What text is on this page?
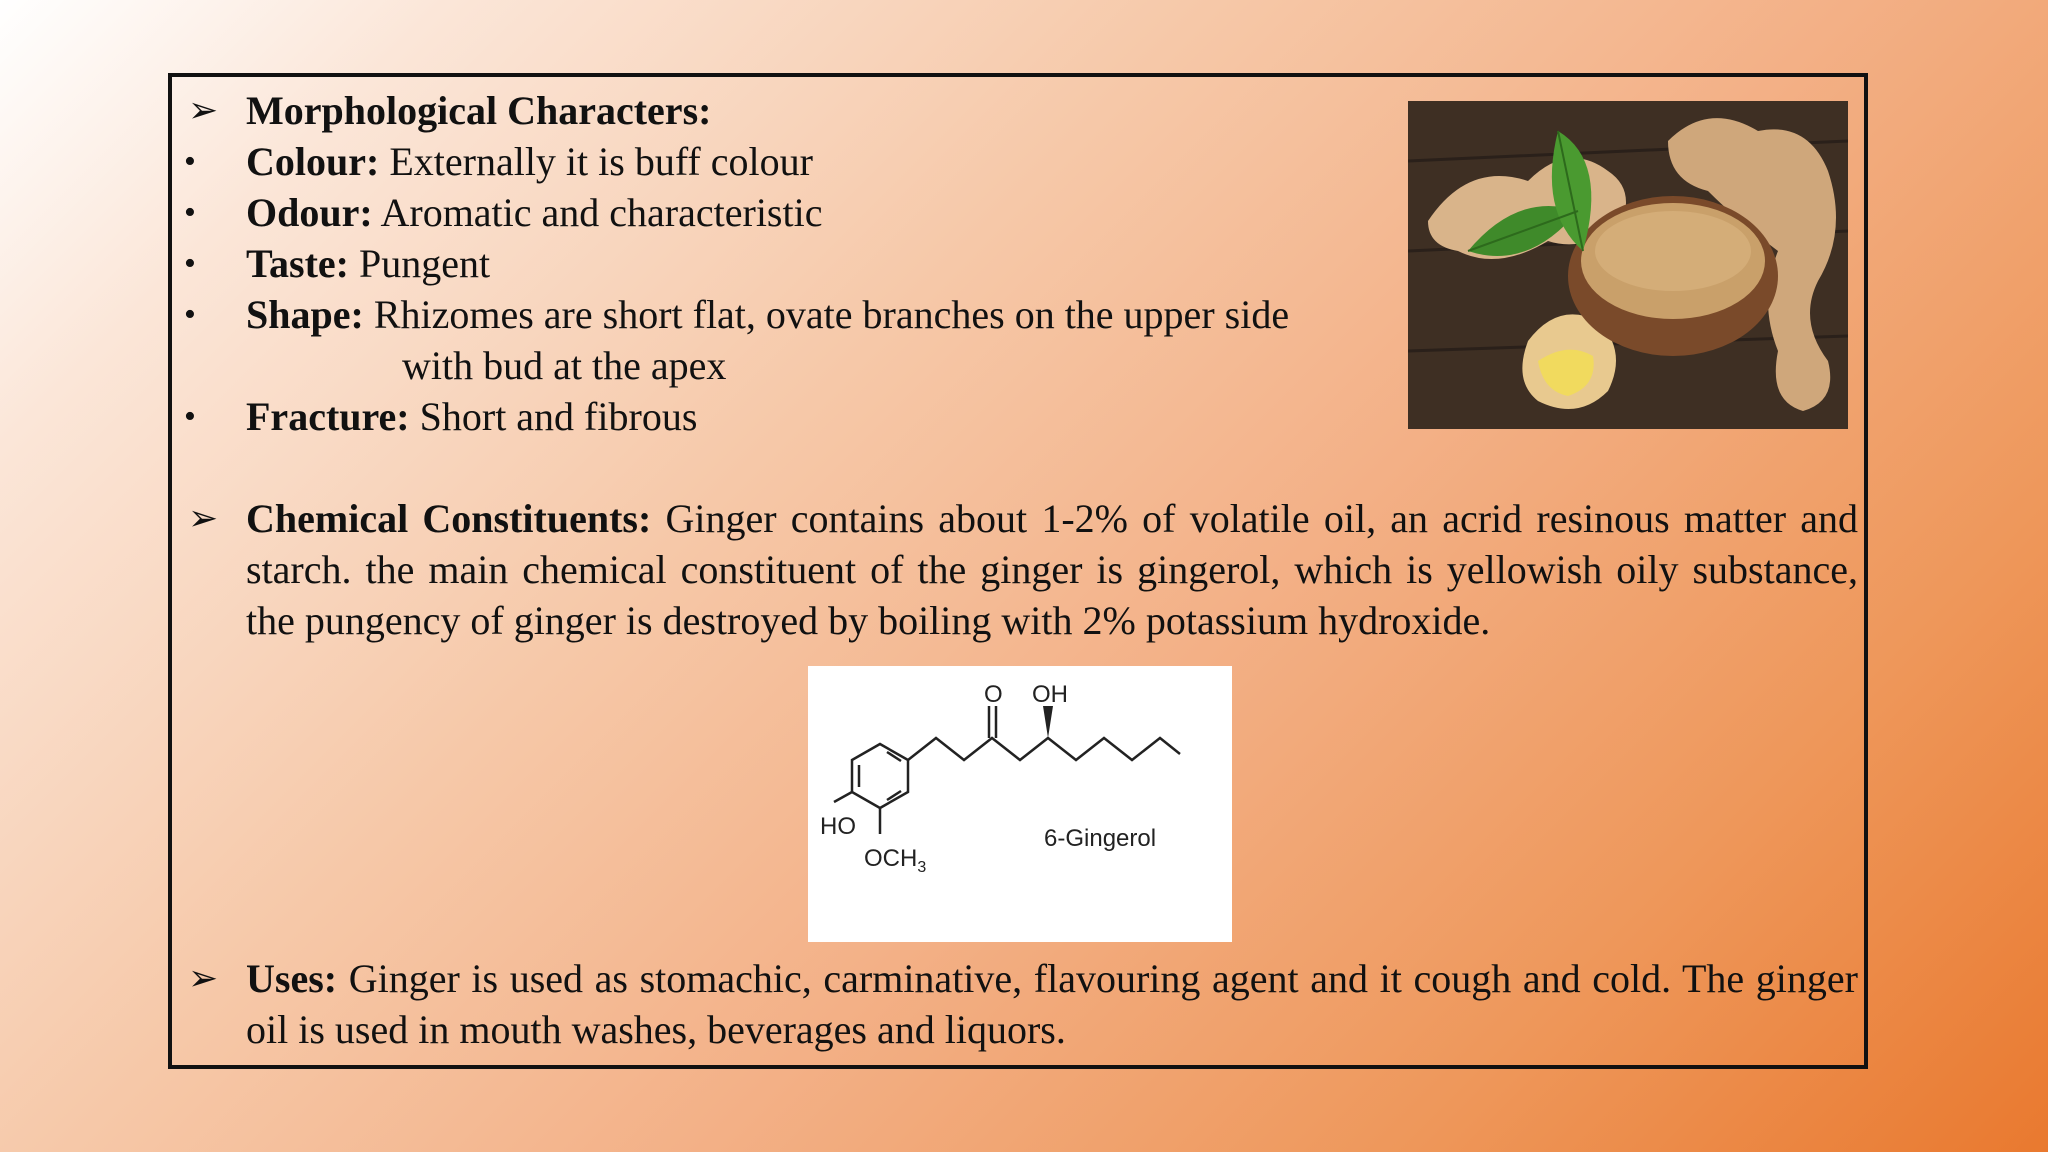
➢ Morphological Characters:
• Colour: Externally it is buff colour
• Odour: Aromatic and characteristic
• Taste: Pungent
• Shape: Rhizomes are short flat, ovate branches on the upper side
with bud at the apex
• Fracture: Short and fibrous
➢ Chemical Constituents: Ginger contains about 1-2% of volatile oil, an acrid resinous matter and starch. the main chemical constituent of the ginger is gingerol, which is yellowish oily substance, the pungency of ginger is destroyed by boiling with 2% potassium hydroxide.
HO
$OCH_3$
O OH
6-Gingerol
➢ Uses: Ginger is used as stomachic, carminative, flavouring agent and it cough and cold. The ginger oil is used in mouth washes, beverages and liquors.
